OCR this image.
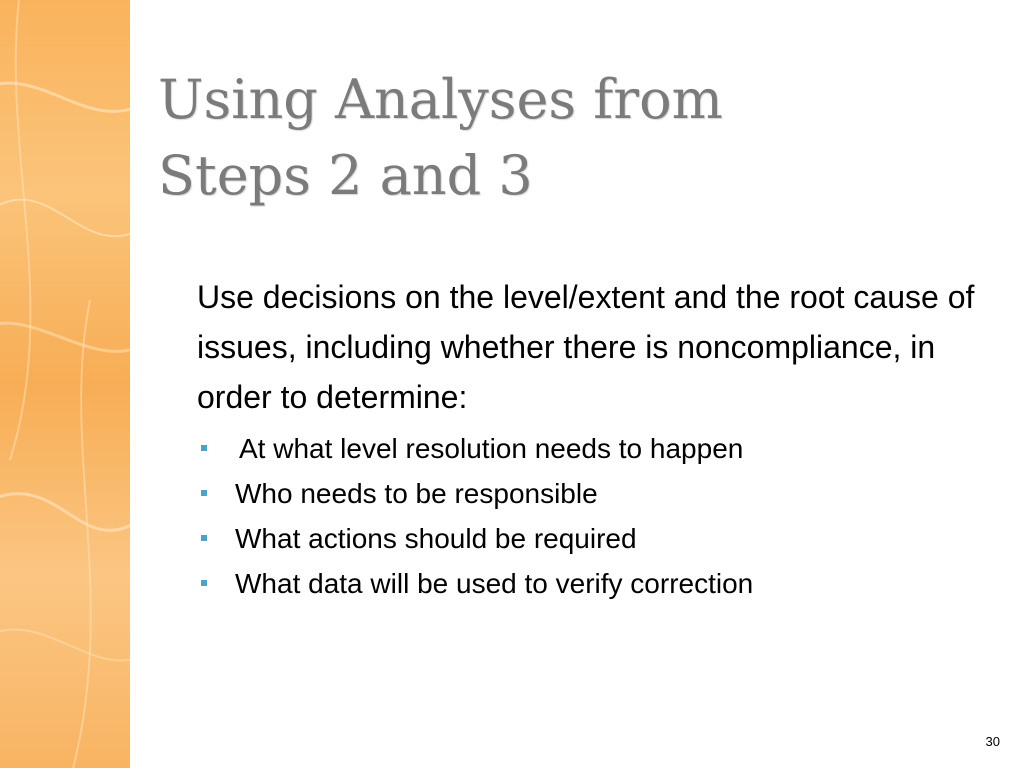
Using Analyses from
Steps 2 and 3

Use decisions on the level/extent and the root cause of issues, including whether there is noncompliance, in order to determine:

At what level resolution needs to happen
Who needs to be responsible
What actions should be required
What data will be used to verify correction
30
